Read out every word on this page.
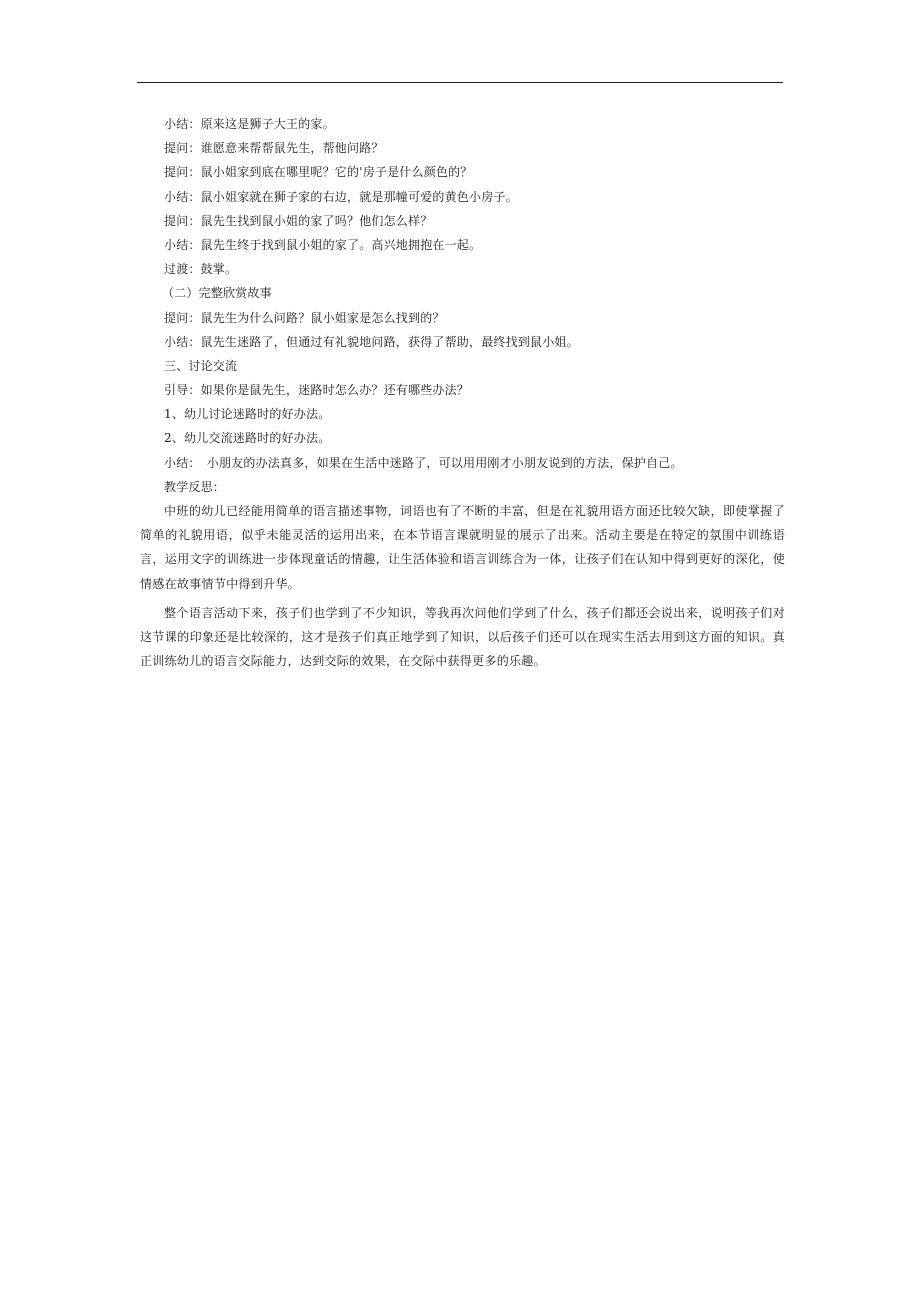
小结：原来这是狮子大王的家。

提问：谁愿意来帮帮鼠先生，帮他问路？

提问：鼠小姐家到底在哪里呢？它的'房子是什么颜色的？

小结：鼠小姐家就在狮子家的右边，就是那幢可爱的黄色小房子。

提问：鼠先生找到鼠小姐的家了吗？他们怎么样？

小结：鼠先生终于找到鼠小姐的家了。高兴地拥抱在一起。

过渡：鼓掌。

（二）完整欣赏故事

提问：鼠先生为什么问路？鼠小姐家是怎么找到的？

小结：鼠先生迷路了，但通过有礼貌地问路，获得了帮助，最终找到鼠小姐。

三、讨论交流

引导：如果你是鼠先生，迷路时怎么办？还有哪些办法？

1、幼儿讨论迷路时的好办法。

2、幼儿交流迷路时的好办法。

小结：　小朋友的办法真多，如果在生活中迷路了，可以用用刚才小朋友说到的方法，保护自己。

教学反思：

中班的幼儿已经能用简单的语言描述事物，词语也有了不断的丰富，但是在礼貌用语方面还比较欠缺，即使掌握了简单的礼貌用语，似乎未能灵活的运用出来，在本节语言课就明显的展示了出来。活动主要是在特定的氛围中训练语言，运用文字的训练进一步体现童话的情趣，让生活体验和语言训练合为一体，让孩子们在认知中得到更好的深化，使情感在故事情节中得到升华。

整个语言活动下来，孩子们也学到了不少知识，等我再次问他们学到了什么，孩子们都还会说出来，说明孩子们对这节课的印象还是比较深的，这才是孩子们真正地学到了知识，以后孩子们还可以在现实生活去用到这方面的知识。真正训练幼儿的语言交际能力，达到交际的效果，在交际中获得更多的乐趣。
